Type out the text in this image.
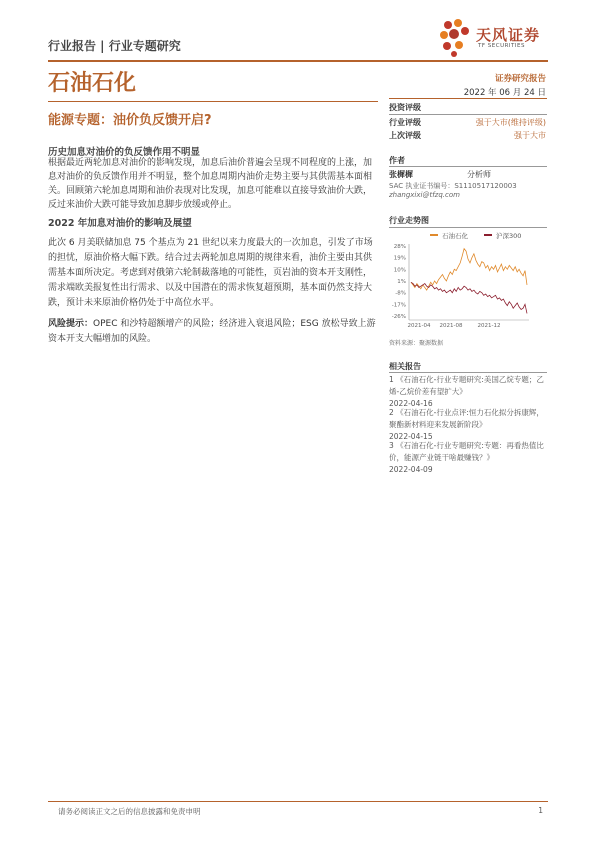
行业报告 | 行业专题研究
天风证券
TF SECURITIES
石油石化	证券研究报告
2022 年 06 月 24 日
能源专题：油价负反馈开启?
历史加息对油价的负反馈作用不明显
根据最近两轮加息对油价的影响发现，加息后油价普遍会呈现不同程度的上涨，加息对油价的负反馈作用并不明显，整个加息周期内油价走势主要与其供需基本面相关。回顾第六轮加息周期和油价表现对比发现，加息可能难以直接导致油价大跌，反过来油价大跌可能导致加息脚步放缓或停止。
2022 年加息对油价的影响及展望
此次 6 月美联储加息 75 个基点为 21 世纪以来力度最大的一次加息，引发了市场的担忧，原油价格大幅下跌。结合过去两轮加息周期的规律来看，油价主要由其供需基本面所决定。考虑到对俄第六轮制裁落地的可能性，页岩油的资本开支刚性，需求端欧美报复性出行需求、以及中国潜在的需求恢复超预期，基本面仍然支持大跌，预计未来原油价格仍处于中高位水平。
风险提示：OPEC 和沙特超额增产的风险；经济进入衰退风险；ESG 放松导致上游资本开支大幅增加的风险。
投资评级
行业评级	强于大市(维持评级)
上次评级	强于大市
作者
张樨樨	分析师
SAC 执业证书编号：S1110517120003
zhangxixi@tfzq.com
行业走势图
石油石化	沪深300
28%
19%
10%
1%
-8%
-17%
-26%
2021-04 2021-08	2021-12
资料来源：聚源数据
相关报告
1 《石油石化-行业专题研究:美国乙烷专题；乙烯-乙烷价差有望扩大》
2022-04-16
2 《石油石化-行业点评:恒力石化拟分拆康辉，聚酯新材料迎来发展新阶段》
2022-04-15
3 《石油石化-行业专题研究:专题：再看热值比价，能源产业链干啥最赚钱？》
2022-04-09
请务必阅读正文之后的信息披露和免责申明	1
